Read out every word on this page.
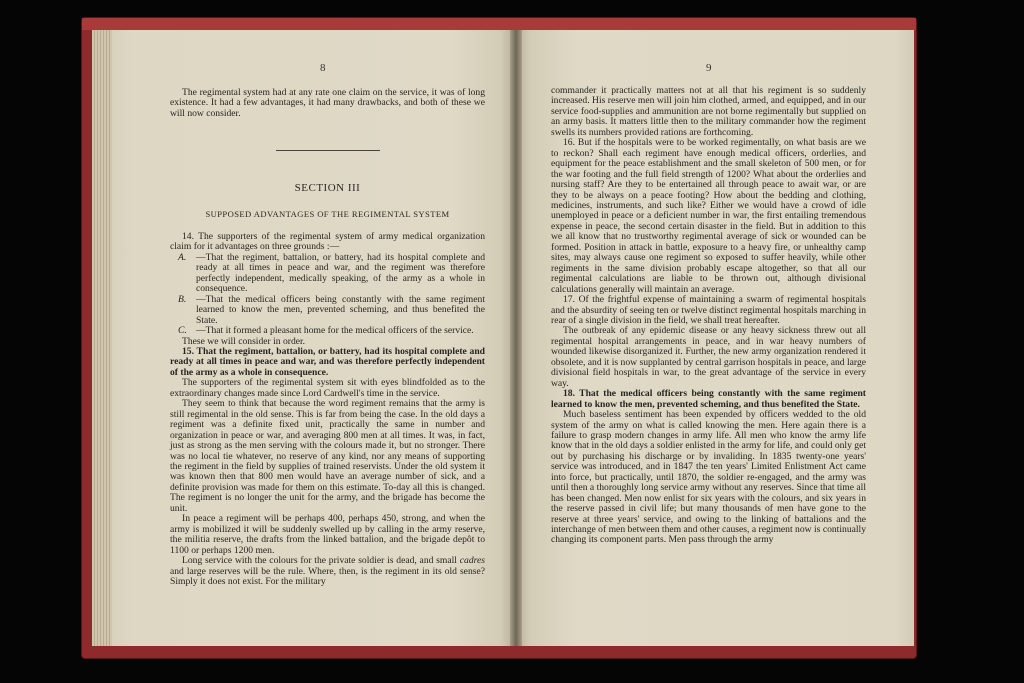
8

The regimental system had at any rate one claim on the service, it was of long existence. It had a few advantages, it had many drawbacks, and both of these we will now consider.

SECTION III
SUPPOSED ADVANTAGES OF THE REGIMENTAL SYSTEM

14. The supporters of the regimental system of army medical organization claim for it advantages on three grounds :—

A. —That the regiment, battalion, or battery, had its hospital complete and ready at all times in peace and war, and the regiment was therefore perfectly independent, medically speaking, of the army as a whole in consequence.

B. —That the medical officers being constantly with the same regiment learned to know the men, prevented scheming, and thus benefited the State.

C. —That it formed a pleasant home for the medical officers of the service.

These we will consider in order.

15. That the regiment, battalion, or battery, had its hospital complete and ready at all times in peace and war, and was therefore perfectly independent of the army as a whole in consequence.

The supporters of the regimental system sit with eyes blindfolded as to the extraordinary changes made since Lord Cardwell's time in the service.

They seem to think that because the word regiment remains that the army is still regimental in the old sense. This is far from being the case. In the old days a regiment was a definite fixed unit, practically the same in number and organization in peace or war, and averaging 800 men at all times. It was, in fact, just as strong as the men serving with the colours made it, but no stronger. There was no local tie whatever, no reserve of any kind, nor any means of supporting the regiment in the field by supplies of trained reservists. Under the old system it was known then that 800 men would have an average number of sick, and a definite provision was made for them on this estimate. To-day all this is changed. The regiment is no longer the unit for the army, and the brigade has become the unit.

In peace a regiment will be perhaps 400, perhaps 450, strong, and when the army is mobilized it will be suddenly swelled up by calling in the army reserve, the militia reserve, the drafts from the linked battalion, and the brigade depôt to 1100 or perhaps 1200 men.

Long service with the colours for the private soldier is dead, and small cadres and large reserves will be the rule. Where, then, is the regiment in its old sense? Simply it does not exist. For the military

9

commander it practically matters not at all that his regiment is so suddenly increased. His reserve men will join him clothed, armed, and equipped, and in our service food-supplies and ammunition are not borne regimentally but supplied on an army basis. It matters little then to the military commander how the regiment swells its numbers provided rations are forthcoming.

16. But if the hospitals were to be worked regimentally, on what basis are we to reckon? Shall each regiment have enough medical officers, orderlies, and equipment for the peace establishment and the small skeleton of 500 men, or for the war footing and the full field strength of 1200? What about the orderlies and nursing staff? Are they to be entertained all through peace to await war, or are they to be always on a peace footing? How about the bedding and clothing, medicines, instruments, and such like? Either we would have a crowd of idle unemployed in peace or a deficient number in war, the first entailing tremendous expense in peace, the second certain disaster in the field. But in addition to this we all know that no trustworthy regimental average of sick or wounded can be formed. Position in attack in battle, exposure to a heavy fire, or unhealthy camp sites, may always cause one regiment so exposed to suffer heavily, while other regiments in the same division probably escape altogether, so that all our regimental calculations are liable to be thrown out, although divisional calculations generally will maintain an average.

17. Of the frightful expense of maintaining a swarm of regimental hospitals and the absurdity of seeing ten or twelve distinct regimental hospitals marching in rear of a single division in the field, we shall treat hereafter.

The outbreak of any epidemic disease or any heavy sickness threw out all regimental hospital arrangements in peace, and in war heavy numbers of wounded likewise disorganized it. Further, the new army organization rendered it obsolete, and it is now supplanted by central garrison hospitals in peace, and large divisional field hospitals in war, to the great advantage of the service in every way.

18. That the medical officers being constantly with the same regiment learned to know the men, prevented scheming, and thus benefited the State.

Much baseless sentiment has been expended by officers wedded to the old system of the army on what is called knowing the men. Here again there is a failure to grasp modern changes in army life. All men who know the army life know that in the old days a soldier enlisted in the army for life, and could only get out by purchasing his discharge or by invaliding. In 1835 twenty-one years' service was introduced, and in 1847 the ten years' Limited Enlistment Act came into force, but practically, until 1870, the soldier re-engaged, and the army was until then a thoroughly long service army without any reserves. Since that time all has been changed. Men now enlist for six years with the colours, and six years in the reserve passed in civil life; but many thousands of men have gone to the reserve at three years' service, and owing to the linking of battalions and the interchange of men between them and other causes, a regiment now is continually changing its component parts. Men pass through the army
